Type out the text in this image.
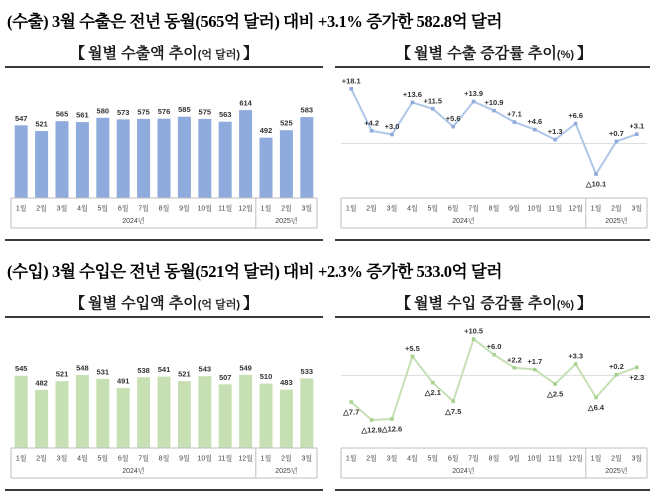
(수출) 3월 수출은 전년 동월(565억 달러) 대비 +3.1% 증가한 582.8억 달러
【 월별 수출액 추이(억 달러) 】
547
521
565 561 580 573 575 576 585 575 563
614
492
525
583
1월 2월 3월 4월 5월 6월 7월 8월 9월 10월 11월 12월 1월 2월 3월
2024년	2025년
【 월별 수출 증감률 추이(%) 】
+18.1
+4.2 +3.0
+13.6
+11.5
+5.6
+13.9
+10.9
+7.1
+4.6
+1.3
+6.6
△10.1
+0.7
+3.1
1월 2월 3월 4월 5월 6월 7월 8월 9월 10월 11월 12월 1월 2월 3월
2024년	2025년
(수입) 3월 수입은 전년 동월(521억 달러) 대비 +2.3% 증가한 533.0억 달러
【 월별 수입액 추이(억 달러) 】
545
482
521
548 531
491
538 541 521
543
507
549
510
483
533
1월 2월 3월 4월 5월 6월 7월 8월 9월 10월 11월 12월 1월 2월 3월
2024년	2025년
【 월별 수입 증감률 추이(%) 】
△7.7
△12.9 △12.6
+5.5
△2.1
△7.5
+10.5
+6.0
+2.2 +1.7
△2.5
+3.3
△6.4
+0.2
+2.3
1월 2월 3월 4월 5월 6월 7월 8월 9월 10월 11월 12월 1월 2월 3월
2024년	2025년
